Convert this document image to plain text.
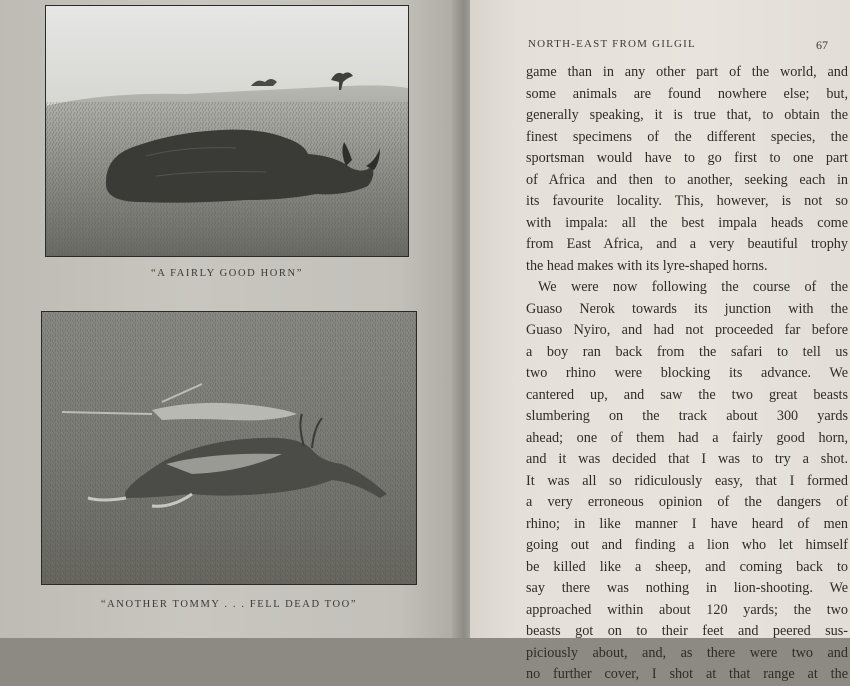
“A FAIRLY GOOD HORN”
“ANOTHER TOMMY . . . FELL DEAD TOO”
NORTH-EAST FROM GILGIL	67
game than in any other part of the world, and
some animals are found nowhere else; but,
generally speaking, it is true that, to obtain the
finest specimens of the different species, the
sportsman would have to go first to one part
of Africa and then to another, seeking each in
its favourite locality. This, however, is not so
with impala: all the best impala heads come
from East Africa, and a very beautiful trophy
the head makes with its lyre-shaped horns.
We were now following the course of the
Guaso Nerok towards its junction with the
Guaso Nyiro, and had not proceeded far before
a boy ran back from the safari to tell us
two rhino were blocking its advance. We
cantered up, and saw the two great beasts
slumbering on the track about 300 yards
ahead; one of them had a fairly good horn,
and it was decided that I was to try a shot.
It was all so ridiculously easy, that I formed
a very erroneous opinion of the dangers of
rhino; in like manner I have heard of men
going out and finding a lion who let himself
be killed like a sheep, and coming back to
say there was nothing in lion-shooting. We
approached within about 120 yards; the two
beasts got on to their feet and peered sus-
piciously about, and, as there were two and
no further cover, I shot at that range at the
